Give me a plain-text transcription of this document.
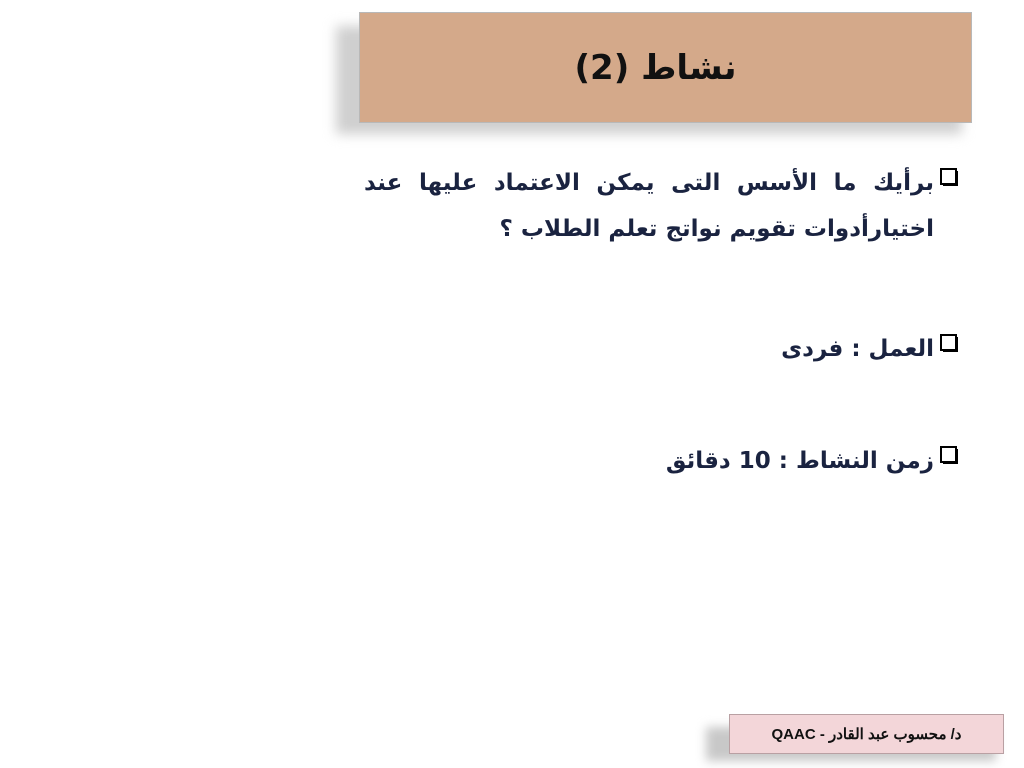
نشاط (2)
برأيك ما الأسس التى يمكن الاعتماد عليها عند اختيارأدوات تقويم نواتج تعلم الطلاب ؟
العمل : فردى
زمن النشاط : 10 دقائق
د/ محسوب عبد القادر - QAAC
